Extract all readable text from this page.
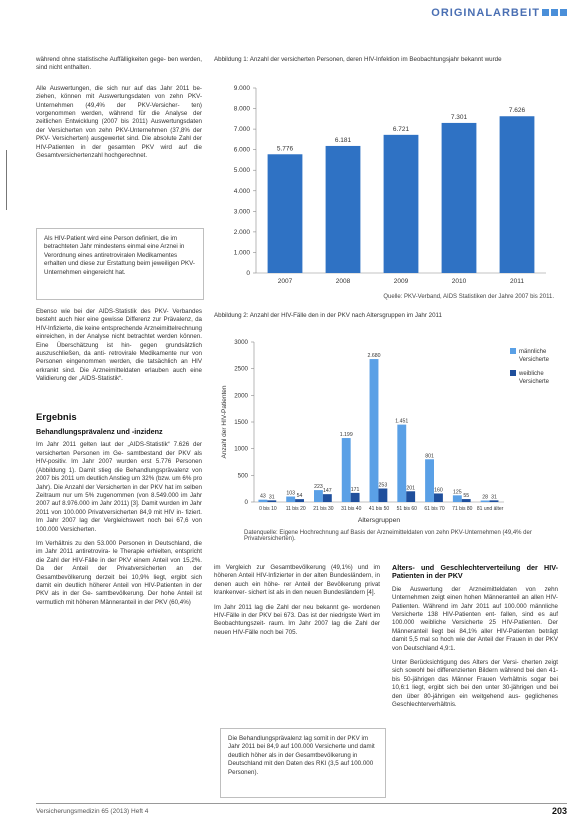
ORIGINALARBEIT

während ohne statistische Auffälligkeiten gege- ben werden, sind nicht enthalten.

Alle Auswertungen, die sich nur auf das Jahr 2011 be- ziehen, können mit Auswertungsdaten von zehn PKV-Unternehmen (49,4% der PKV-Versicher- ten) vorgenommen werden, während für die Analyse der zeitlichen Entwicklung (2007 bis 2011) Auswertungsdaten der Versicherten von zehn PKV-Unternehmen (37,8% der PKV- Versicherten) ausgewertet sind. Die absolute Zahl der HIV-Patienten in der gesamten PKV wird auf die Gesamtversichertenzahl hochgerechnet.

Als HIV-Patient wird eine Person definiert, die im betrachteten Jahr mindestens einmal eine Arznei in Verordnung eines antiretroviralen Medikamentes erhalten und diese zur Erstattung beim jeweiligen PKV-Unternehmen eingereicht hat.

Ebenso wie bei der AIDS-Statistik des PKV- Verbandes besteht auch hier eine gewisse Differenz zur Prävalenz, da HIV-Infizierte, die keine entsprechende Arzneimittelrechnung einreichen, in der Analyse nicht betrachtet werden können. Eine Überschätzung ist hin- gegen grundsätzlich auszuschließen, da anti- retrovirale Medikamente nur von Personen eingenommen werden, die tatsächlich an HIV erkrankt sind. Die Arzneimitteldaten erlauben auch eine Validierung der „AIDS-Statistik“.

Ergebnis
Behandlungsprävalenz und -inzidenz

Im Jahr 2011 gelten laut der „AIDS-Statistik“ 7.626 der versicherten Personen im Ge- samtbestand der PKV als HIV-positiv. Im Jahr 2007 wurden erst 5.776 Personen (Abbildung 1). Damit stieg die Behandlungsprävalenz von 2007 bis 2011 um deutlich Anstieg um 32% (bzw. um 6% pro Jahr). Die Anzahl der Versicherten in der PKV hat im selben Zeitraum nur um 5% zugenommen (von 8.549.000 im Jahr 2007 auf 8.976.000 im Jahr 2011) [3]. Damit wurden im Jahr 2011 von 100.000 Privatversicherten 84,9 mit HIV in- fiziert. Im Jahr 2007 lag der Vergleichswert noch bei 67,6 von 100.000 Versicherten.

Im Verhältnis zu den 53.000 Personen in Deutschland, die im Jahr 2011 antiretrovira- le Therapie erhielten, entspricht die Zahl der HIV-Fälle in der PKV einem Anteil von 15,2%. Da der Anteil der Privatversicherten an der Gesamtbevölkerung derzeit bei 10,9% liegt, ergibt sich damit ein deutlich höherer Anteil von HIV-Patienten in der PKV als in der Ge- samtbevölkerung. Der hohe Anteil ist vermutlich mit höheren Männeranteil in der PKV (60,4%)

Abbildung 1: Anzahl der versicherten Personen, deren HIV-Infektion im Beobachtungsjahr bekannt wurde
0
1.000
2.000
3.000
4.000
5.000
6.000
7.000
8.000
9.000
5.776
2007
6.181
2008
6.721
2009
7.301
2010
7.626
2011
Quelle: PKV-Verband, AIDS Statistiken der Jahre 2007 bis 2011.
Abbildung 2: Anzahl der HIV-Fälle den in der PKV nach Altersgruppen im Jahr 2011
0
500
1000
1500
2000
2500
3000
Anzahl der HIV-Patienten
Altersgruppen
43 31
0 bis 10
103 54
11 bis 20
223
147
21 bis 30
1.199
171
31 bis 40
2.680
253
41 bis 50
1.451
201
51 bis 60
801
160
61 bis 70
125
55
71 bis 80
28 31
81 und älter
männliche
Versicherte
weibliche
Versicherte
Datenquelle: Eigene Hochrechnung auf Basis der Arzneimitteldaten von zehn PKV-Unternehmen (49,4% der Privatversicherten).

im Vergleich zur Gesamtbevölkerung (49,1%) und im höheren Anteil HIV-Infizierter in der alten Bundesländern, in denen auch ein höhe- rer Anteil der Bevölkerung privat krankenver- sichert ist als in den neuen Bundesländern [4].

Im Jahr 2011 lag die Zahl der neu bekannt ge- wordenen HIV-Fälle in der PKV bei 673. Das ist der niedrigste Wert im Beobachtungszeit- raum. Im Jahr 2007 lag die Zahl der neuen HIV-Fälle noch bei 705.

Die Behandlungsprävalenz lag somit in der PKV im Jahr 2011 bei 84,9 auf 100.000 Versicherte und damit deutlich höher als in der Gesamtbevölkerung in Deutschland mit den Daten des RKI (3,5 auf 100.000 Personen).
Alters- und Geschlechterverteilung der HIV-Patienten in der PKV

Die Auswertung der Arzneimitteldaten von zehn Unternehmen zeigt einen hohen Männeranteil an allen HIV- Patienten. Während im Jahr 2011 auf 100.000 männliche Versicherte 138 HIV-Patienten ent- fallen, sind es auf 100.000 weibliche Versicherte 25 HIV-Patienten. Der Männeranteil liegt bei 84,1% aller HIV-Patienten beträgt damit 5,5 mal so hoch wie der Anteil der Frauen in der PKV von Deutschland 4,9:1.

Unter Berücksichtigung des Alters der Versi- cherten zeigt sich sowohl bei differenzierten Bildern während bei den 41- bis 50-jährigen das Männer Frauen Verhältnis sogar bei 10,6:1 liegt, ergibt sich bei den unter 30-jährigen und bei den über 80-jährigen ein weitgehend aus- geglichenes Geschlechterverhältnis.

Versicherungsmedizin 65 (2013) Heft 4	203
